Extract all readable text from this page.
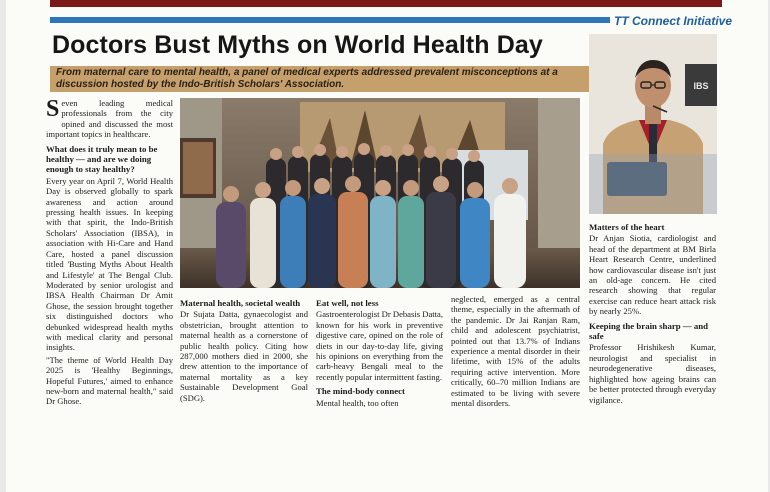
TT Connect Initiative
Doctors Bust Myths on World Health Day
From maternal care to mental health, a panel of medical experts addressed prevalent misconceptions at a discussion hosted by the Indo-British Scholars' Association.

Seven leading medical professionals from the city opined and discussed the most important topics in healthcare.

What does it truly mean to be healthy — and are we doing enough to stay healthy?

Every year on April 7, World Health Day is observed globally to spark awareness and action around pressing health issues. In keeping with that spirit, the Indo-British Scholars' Association (IBSA), in association with Hi-Care and Hand Care, hosted a panel discussion titled 'Busting Myths About Health and Lifestyle' at The Bengal Club. Moderated by senior urologist and IBSA Health Chairman Dr Amit Ghose, the session brought together six distinguished doctors who debunked widespread health myths with medical clarity and personal insights.

"The theme of World Health Day 2025 is 'Healthy Beginnings, Hopeful Futures,' aimed to enhance new-born and maternal health," said Dr Ghose.

Maternal health, societal wealth

Dr Sujata Datta, gynaecologist and obstetrician, brought attention to maternal health as a cornerstone of public health policy. Citing how 287,000 mothers died in 2000, she drew attention to the importance of maternal mortality as a key Sustainable Development Goal (SDG).

Eat well, not less

Gastroenterologist Dr Debasis Datta, known for his work in preventive digestive care, opined on the role of diets in our day-to-day life, giving his opinions on everything from the carb-heavy Bengali meal to the recently popular intermittent fasting.

The mind-body connect

Mental health, too often

neglected, emerged as a central theme, especially in the aftermath of the pandemic. Dr Jai Ranjan Ram, child and adolescent psychiatrist, pointed out that 13.7% of Indians experience a mental disorder in their lifetime, with 15% of the adults requiring active intervention. More critically, 60–70 million Indians are estimated to be living with severe mental disorders.

IBS
Matters of the heart

Dr Anjan Siotia, cardiologist and head of the department at BM Birla Heart Research Centre, underlined how cardiovascular disease isn't just an old-age concern. He cited research showing that regular exercise can reduce heart attack risk by nearly 25%.

Keeping the brain sharp — and safe

Professor Hrishikesh Kumar, neurologist and specialist in neurodegenerative diseases, highlighted how ageing brains can be better protected through everyday vigilance.
